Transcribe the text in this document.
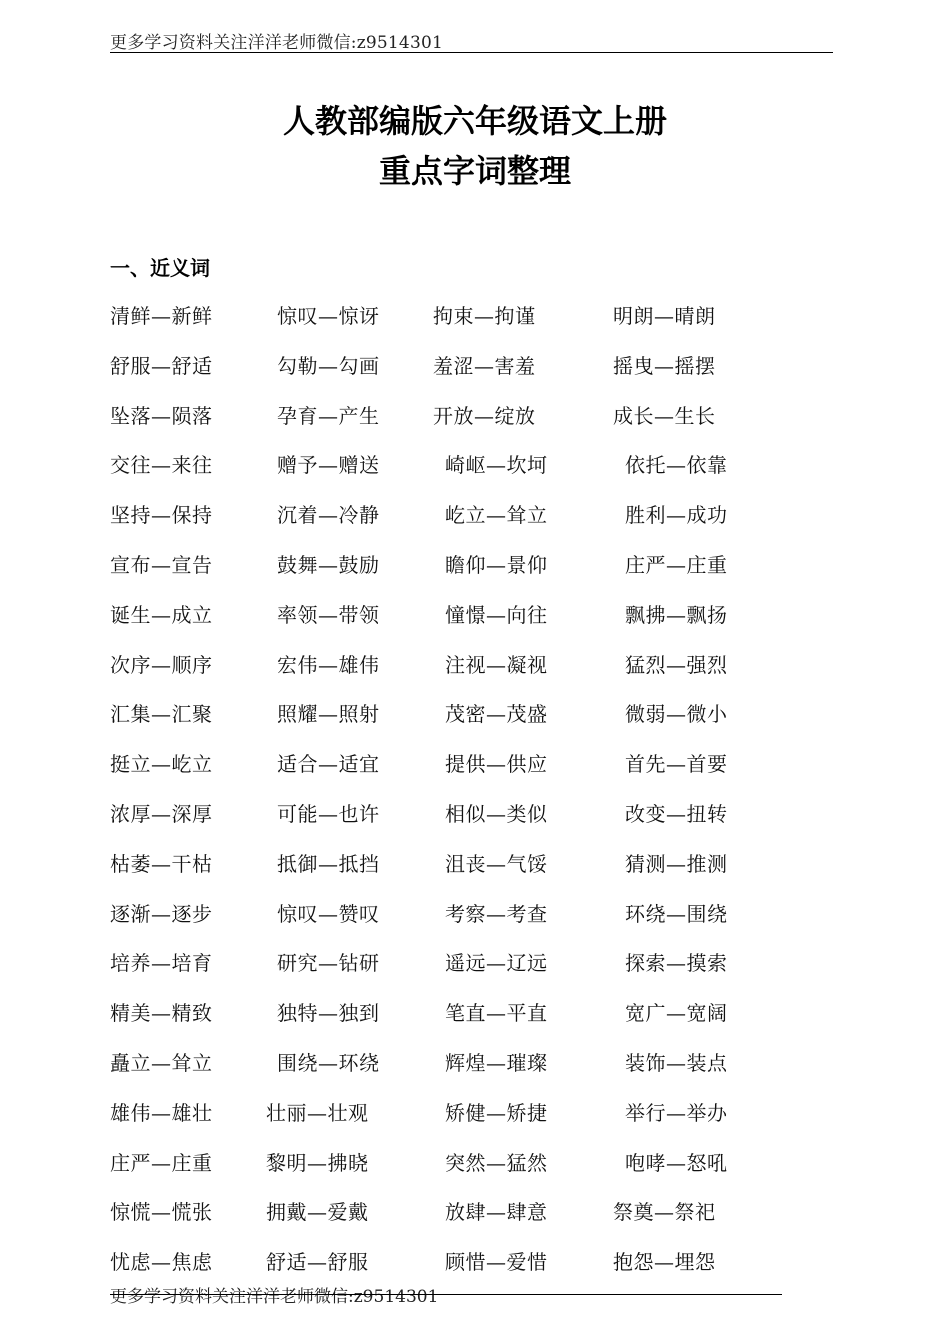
更多学习资料关注洋洋老师微信:z9514301
人教部编版六年级语文上册
重点字词整理
一、近义词
清鲜—新鲜	惊叹—惊讶	拘束—拘谨	明朗—晴朗
舒服—舒适	勾勒—勾画	羞涩—害羞	摇曳—摇摆
坠落—陨落	孕育—产生	开放—绽放	成长—生长
交往—来往	赠予—赠送	崎岖—坎坷	依托—依靠
坚持—保持	沉着—冷静	屹立—耸立	胜利—成功
宣布—宣告	鼓舞—鼓励	瞻仰—景仰	庄严—庄重
诞生—成立	率领—带领	憧憬—向往	飘拂—飘扬
次序—顺序	宏伟—雄伟	注视—凝视	猛烈—强烈
汇集—汇聚	照耀—照射	茂密—茂盛	微弱—微小
挺立—屹立	适合—适宜	提供—供应	首先—首要
浓厚—深厚	可能—也许	相似—类似	改变—扭转
枯萎—干枯	抵御—抵挡	沮丧—气馁	猜测—推测
逐渐—逐步	惊叹—赞叹	考察—考查	环绕—围绕
培养—培育	研究—钻研	遥远—辽远	探索—摸索
精美—精致	独特—独到	笔直—平直	宽广—宽阔
矗立—耸立	围绕—环绕	辉煌—璀璨	装饰—装点
雄伟—雄壮	壮丽—壮观	矫健—矫捷	举行—举办
庄严—庄重	黎明—拂晓	突然—猛然	咆哮—怒吼
惊慌—慌张	拥戴—爱戴	放肆—肆意	祭奠—祭祀
忧虑—焦虑	舒适—舒服	顾惜—爱惜	抱怨—埋怨
更多学习资料关注洋洋老师微信:z9514301
